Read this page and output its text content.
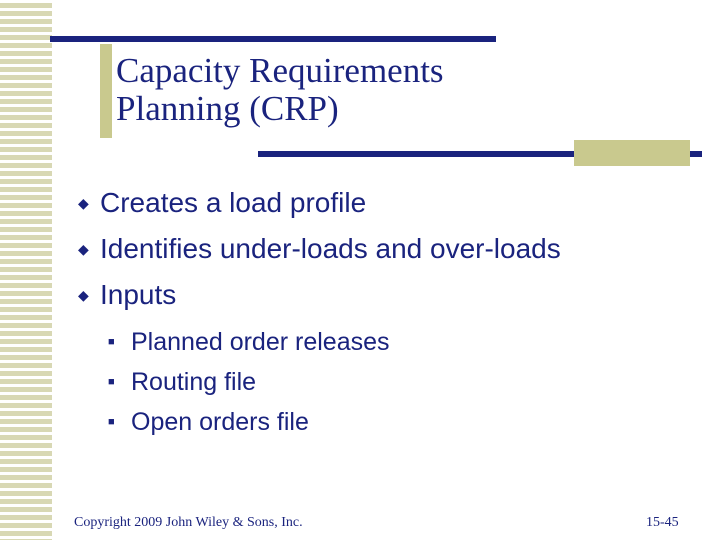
Capacity Requirements
Planning (CRP)
◆ Creates a load profile
◆ Identifies under-loads and over-loads
◆ Inputs
■ Planned order releases
■ Routing file
■ Open orders file
Copyright 2009 John Wiley & Sons, Inc.	15-45
